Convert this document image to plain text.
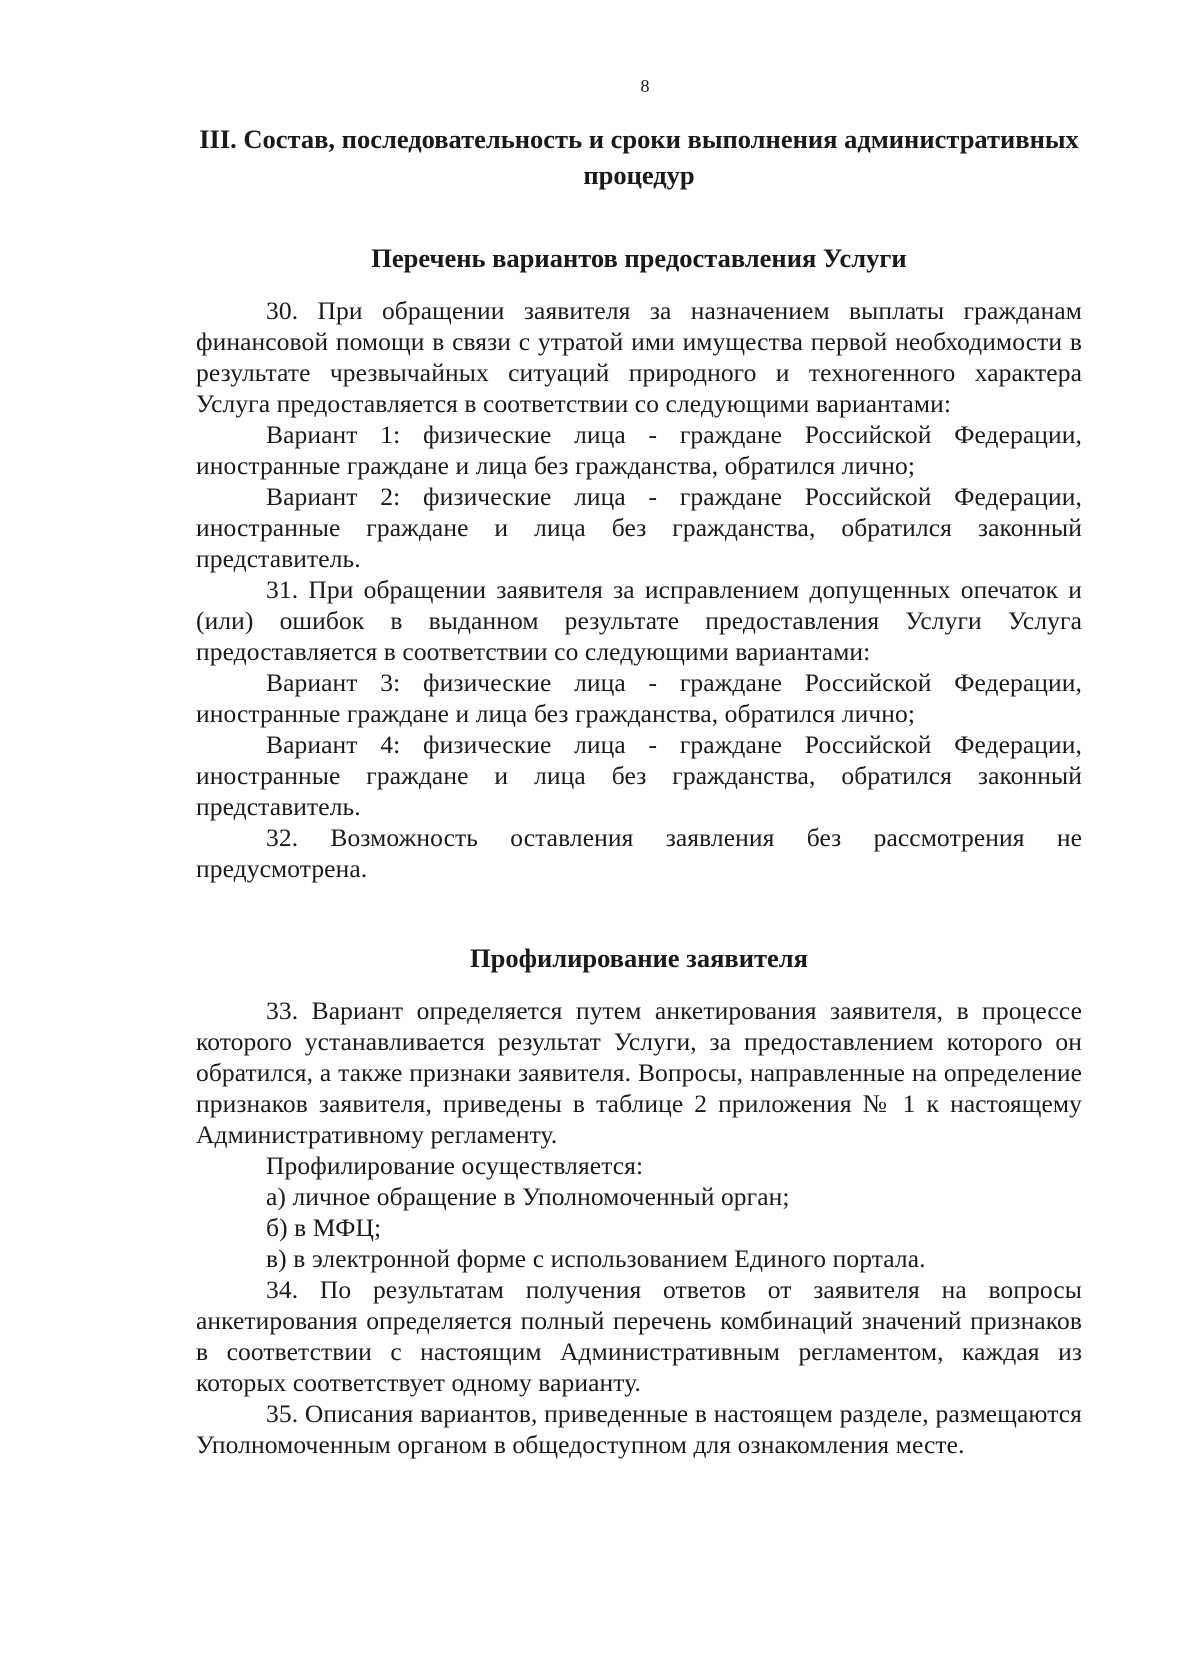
8
III. Состав, последовательность и сроки выполнения административных процедур
Перечень вариантов предоставления Услуги

30. При обращении заявителя за назначением выплаты гражданам финансовой помощи в связи с утратой ими имущества первой необходимости в результате чрезвычайных ситуаций природного и техногенного характера Услуга предоставляется в соответствии со следующими вариантами:

Вариант 1: физические лица - граждане Российской Федерации, иностранные граждане и лица без гражданства, обратился лично;

Вариант 2: физические лица - граждане Российской Федерации, иностранные граждане и лица без гражданства, обратился законный представитель.

31. При обращении заявителя за исправлением допущенных опечаток и (или) ошибок в выданном результате предоставления Услуги Услуга предоставляется в соответствии со следующими вариантами:

Вариант 3: физические лица - граждане Российской Федерации, иностранные граждане и лица без гражданства, обратился лично;

Вариант 4: физические лица - граждане Российской Федерации, иностранные граждане и лица без гражданства, обратился законный представитель.

32. Возможность оставления заявления без рассмотрения не предусмотрена.

Профилирование заявителя

33. Вариант определяется путем анкетирования заявителя, в процессе которого устанавливается результат Услуги, за предоставлением которого он обратился, а также признаки заявителя. Вопросы, направленные на определение признаков заявителя, приведены в таблице 2 приложения № 1 к настоящему Административному регламенту.

Профилирование осуществляется:

а) личное обращение в Уполномоченный орган;

б) в МФЦ;

в) в электронной форме с использованием Единого портала.

34. По результатам получения ответов от заявителя на вопросы анкетирования определяется полный перечень комбинаций значений признаков в соответствии с настоящим Административным регламентом, каждая из которых соответствует одному варианту.

35. Описания вариантов, приведенные в настоящем разделе, размещаются Уполномоченным органом в общедоступном для ознакомления месте.
